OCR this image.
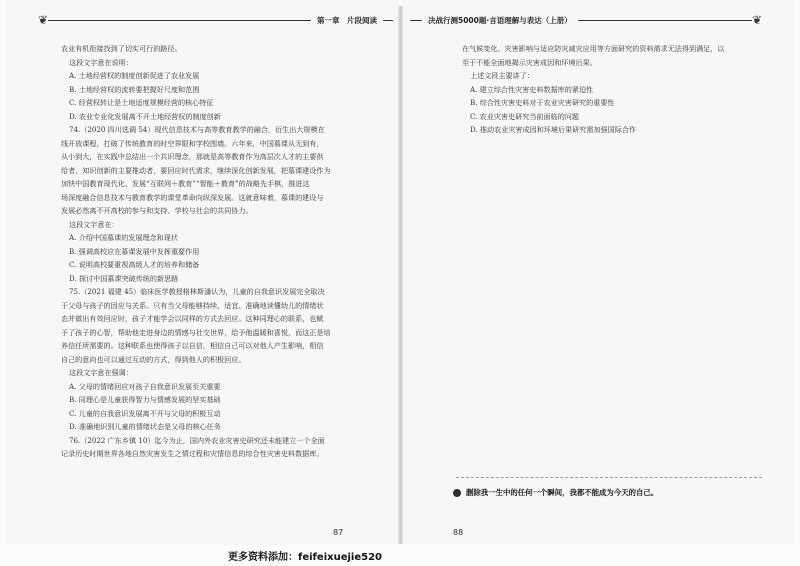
❦	第一章　片段阅读	决战行测5000题·言语理解与表达（上册）	❦

农业有机衔接找到了切实可行的路径。

这段文字意在说明：

A. 土地经营权的制度创新促进了农业发展

B. 土地经营权的流转要把握好尺度和范围

C. 经营权转让是土地适度规模经营的核心特征

D. 农业专业化发展离不开土地经营权的制度创新

74.（2020 四川选调 54）现代信息技术与高等教育教学的融合，衍生出大规模在

线开放课程，打破了传统教育的时空界限和学校围墙。六年来，中国慕课从无到有，

从小到大，在实践中总结出一个共识理念，那就是高等教育作为高层次人才的主要供

给者，知识创新的主要推动者，要回应时代需求，继续深化创新发展，把慕课建设作为

加快中国教育现代化、发展“互联网＋教育”“智能＋教育”的战略先手棋，推进这

场深度融合信息技术与教育教学的课堂革命向纵深发展。这就意味着，慕课的建设与

发展必然离不开高校的参与和支持、学校与社会的共同协力。

这段文字意在：

A. 介绍中国慕课的发展理念和现状

B. 强调高校应在慕课发展中发挥重要作用

C. 说明高校要重视高级人才的培养和储备

D. 探讨中国慕课突破传统的新思路

75.（2021 福建 45）临床医学教授格林斯潘认为，儿童的自我意识发展完全取决

于父母与孩子的因应与关系。只有当父母能够持续、适宜、准确地读懂幼儿的情绪状

态并做出有效回应时，孩子才能学会以同样的方式去回应。这种同理心的联系，也赋

予了孩子的心智，帮助他走进身边的情感与社交世界，给予他温暖和喜悦，而这正是培

养信任所需要的。这种联系也使得孩子以自信，相信自己可以对他人产生影响，相信

自己的意向也可以通过互动的方式，得到他人的积极回应。

这段文字意在强调：

A. 父母的情绪回应对孩子自我意识发展至关重要

B. 同理心是儿童获得智力与情感发展的坚实基础

C. 儿童的自我意识发展离不开与父母的积极互动

D. 准确地识别儿童的情绪状态是父母的核心任务

76.（2022 广东乡镇 10）迄今为止，国内外农业灾害史研究还未能建立一个全面

记录历史时期世界各地自然灾害发生之情过程和灾情信息的综合性灾害史料数据库。

在气候变化、灾害影响与适应防灾减灾应用等方面研究的资料需求无法得到满足，以

至于不能全面地揭示灾害成因和环境后果。

上述文段主要讲了：

A. 建立综合性灾害史料数据库的紧迫性

B. 综合性灾害史料对于农业灾害研究的重要性

C. 农业灾害史研究当前面临的问题

D. 推动农业灾害成因和环境后果研究需加强国际合作

删除我一生中的任何一个瞬间，我都不能成为今天的自己。
87	88
更多资料添加：feifeixuejie520
